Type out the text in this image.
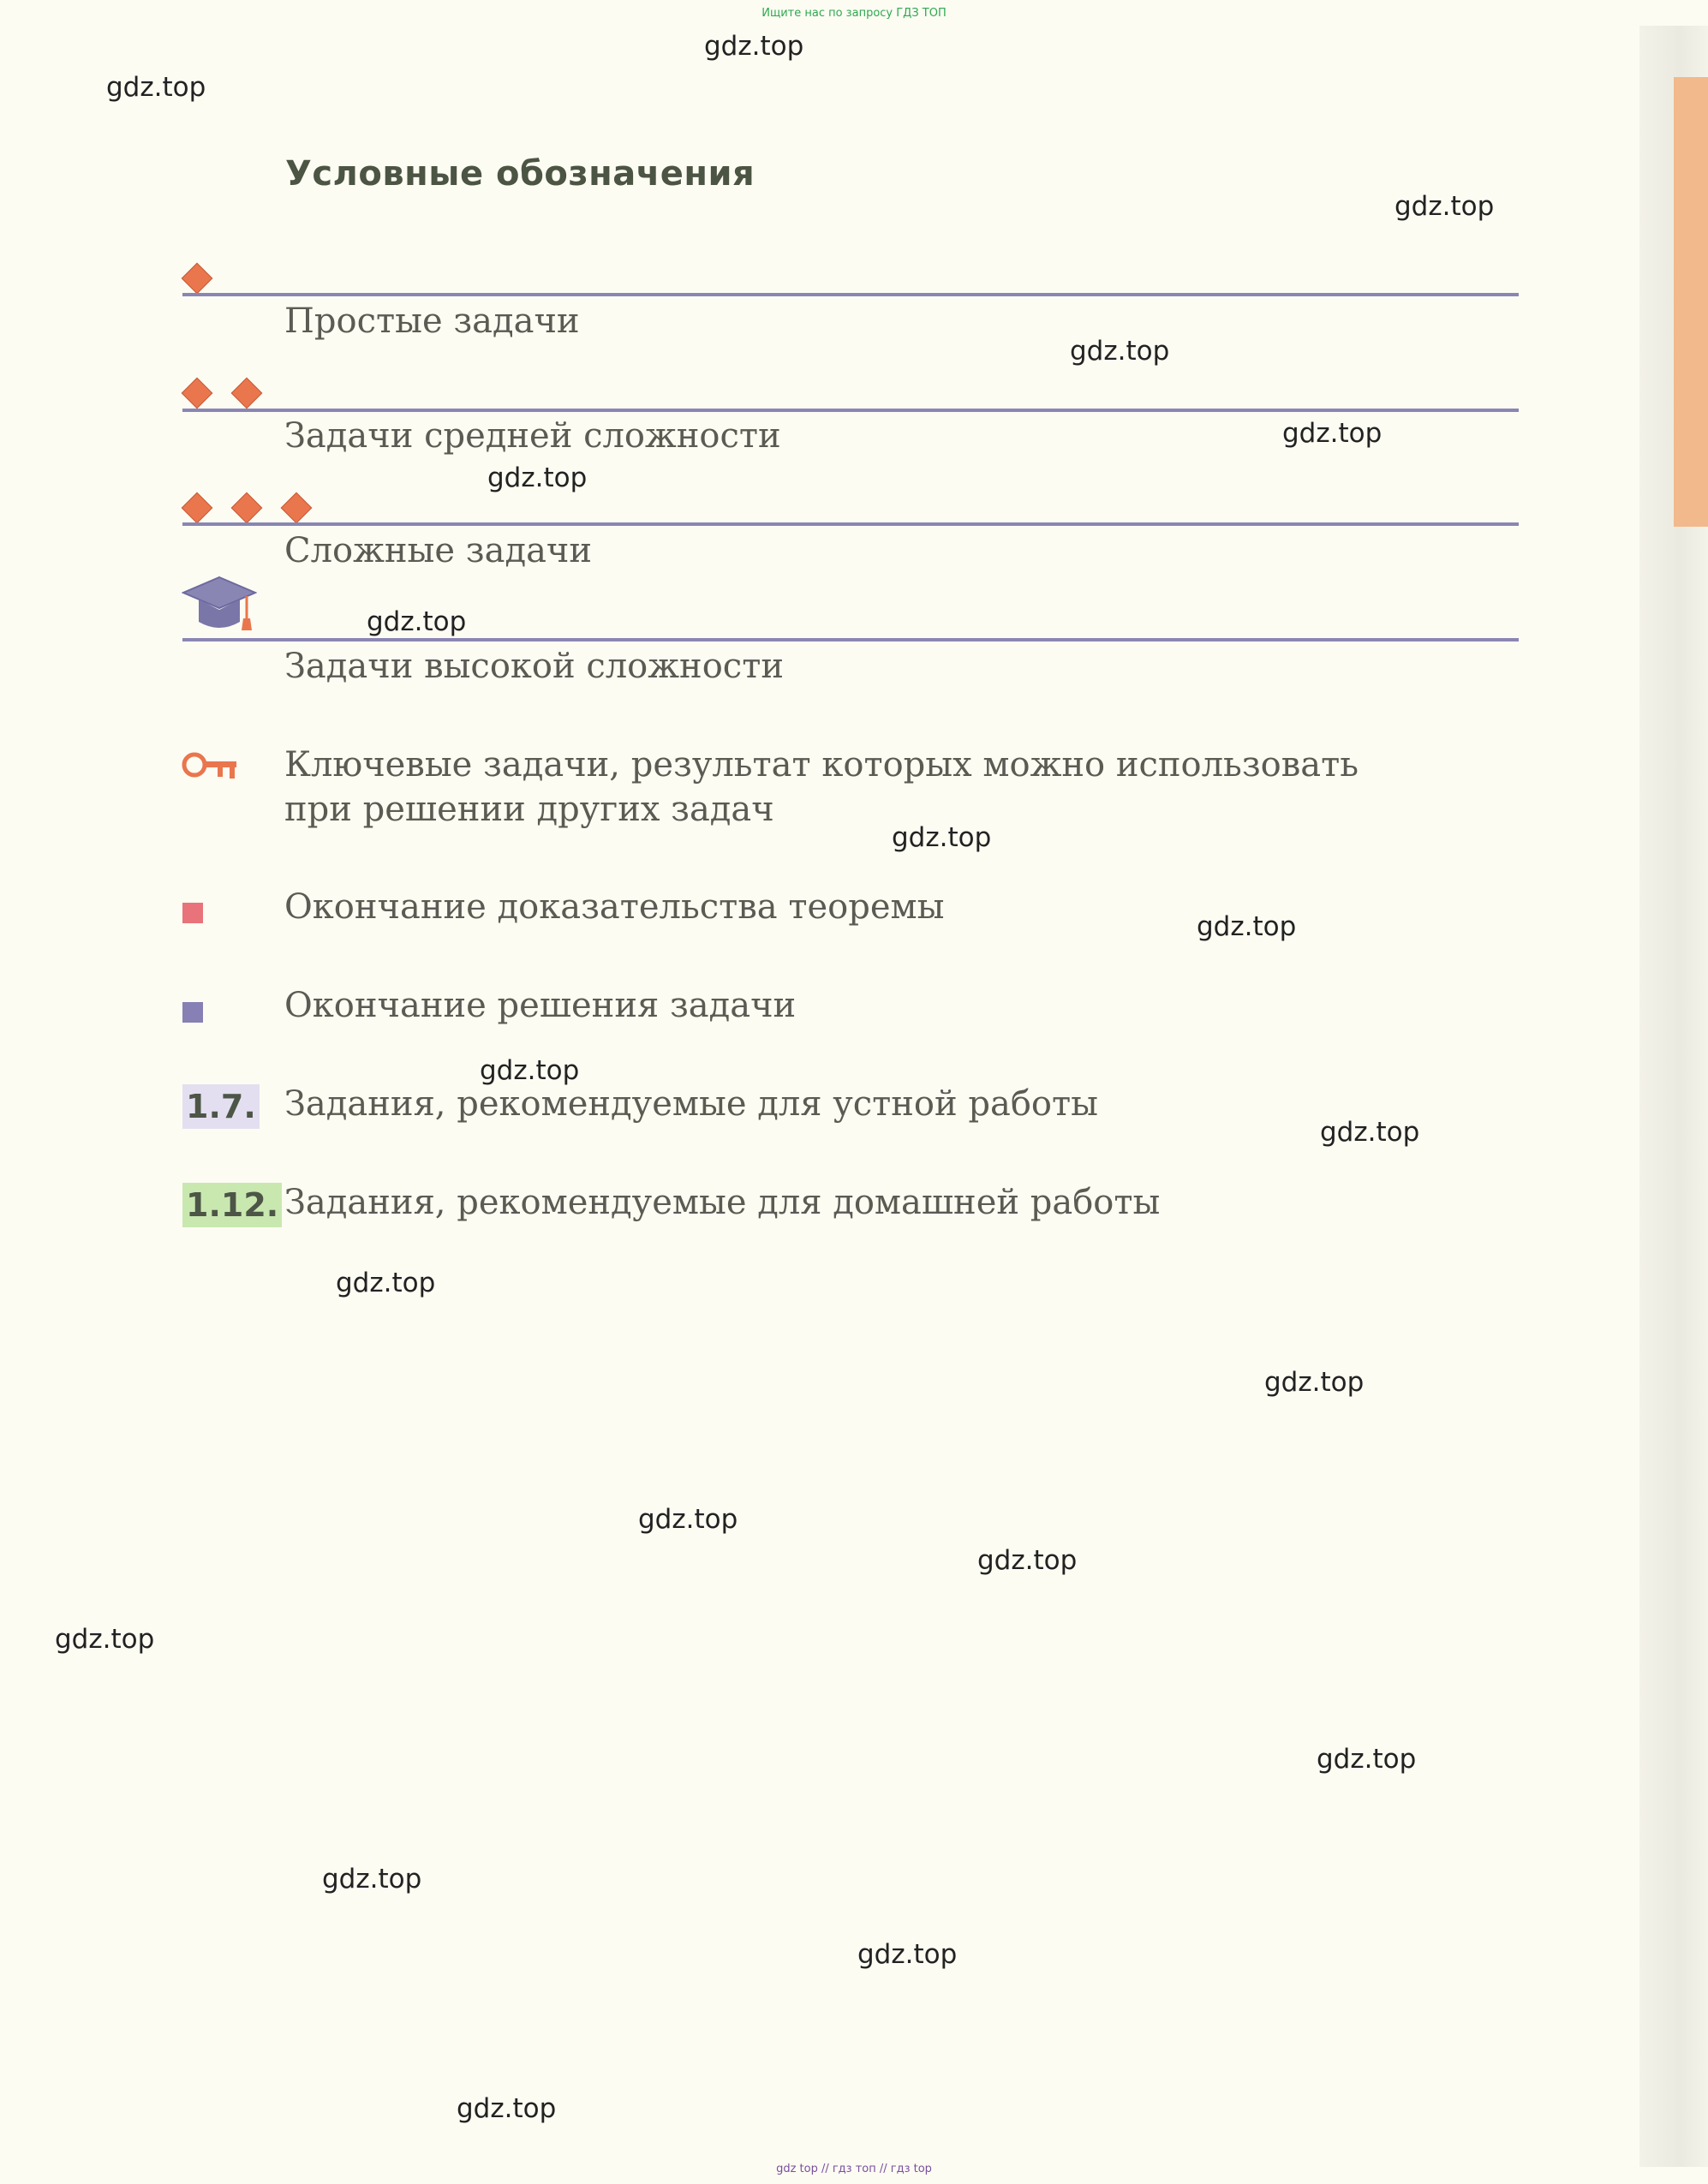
Ищите нас по запросу ГДЗ ТОП
Условные обозначения
Простые задачи
Задачи средней сложности
Сложные задачи
Задачи высокой сложности
Ключевые задачи, результат которых можно использовать
при решении других задач
Окончание доказательства теоремы
Окончание решения задачи
1.7. Задания, рекомендуемые для устной работы
1.12. Задания, рекомендуемые для домашней работы
gdz.top
gdz.top
gdz.top
gdz.top
gdz.top
gdz.top
gdz.top
gdz.top
gdz.top
gdz.top
gdz.top
gdz.top
gdz.top
gdz.top
gdz.top
gdz.top
gdz.top
gdz.top
gdz.top
gdz.top
gdz top // гдз топ // гдз top
